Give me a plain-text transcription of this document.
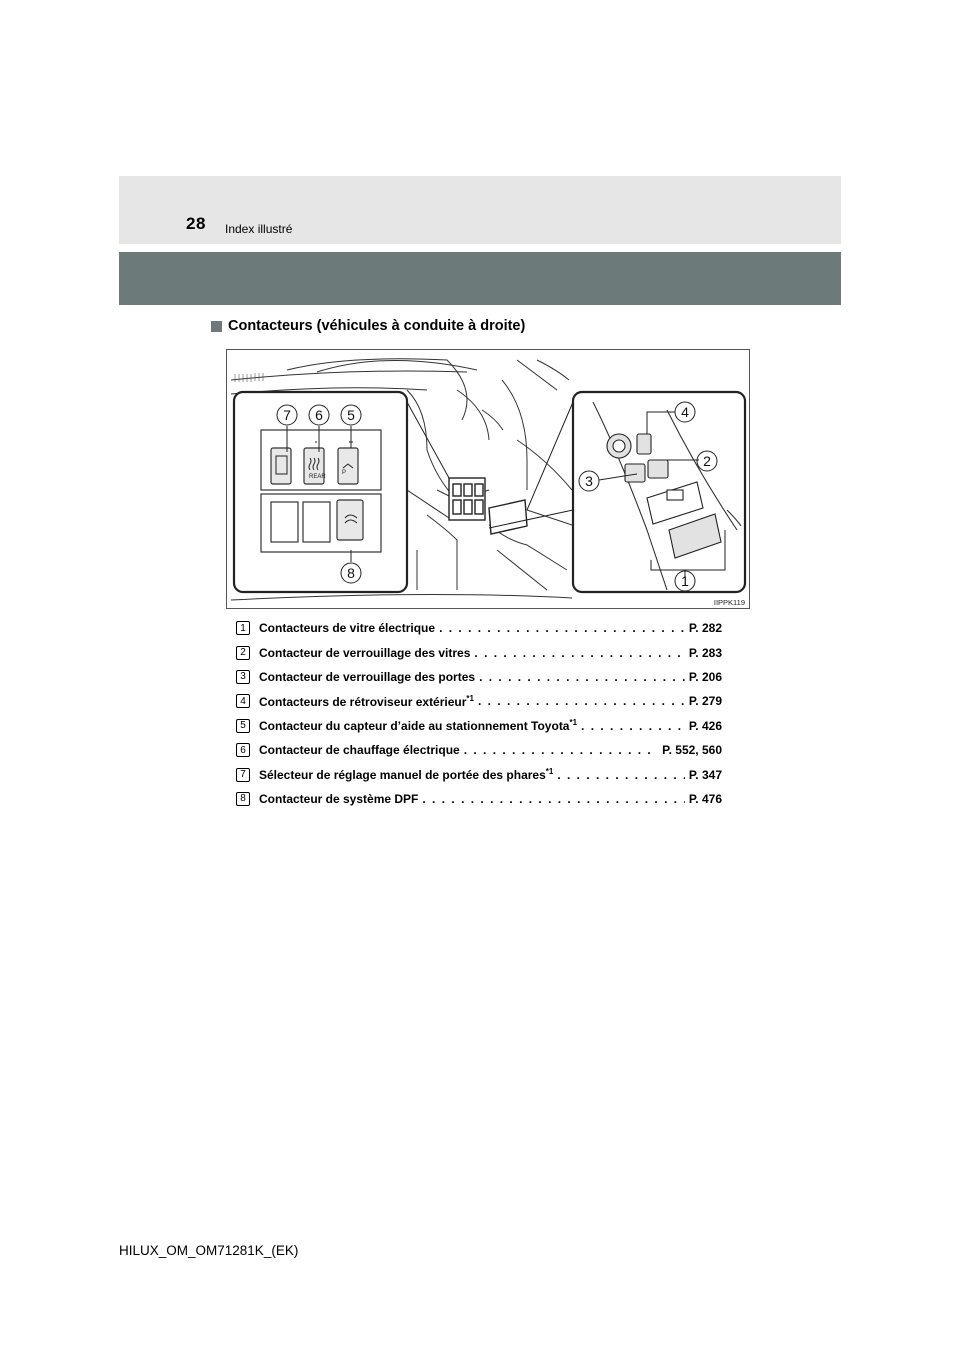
28 Index illustré
Contacteurs (véhicules à conduite à droite)
P
REAR
7 6 5
8
4
2
3
1
IIPPK119
1	Contacteurs de vitre électrique . . .	P. 282
2	Contacteur de verrouillage des vitres . . .	P. 283
3	Contacteur de verrouillage des portes . . .	P. 206
4	Contacteurs de rétroviseur extérieur$^{*1}$ . . .	P. 279
5	Contacteur du capteur d’aide au stationnement Toyota$^{*1}$ . . .	P. 426
6	Contacteur de chauffage électrique . . .	P. 552, 560
7	Sélecteur de réglage manuel de portée des phares$^{*1}$ . . .	P. 347
8	Contacteur de système DPF . . .	P. 476
HILUX_OM_OM71281K_(EK)
